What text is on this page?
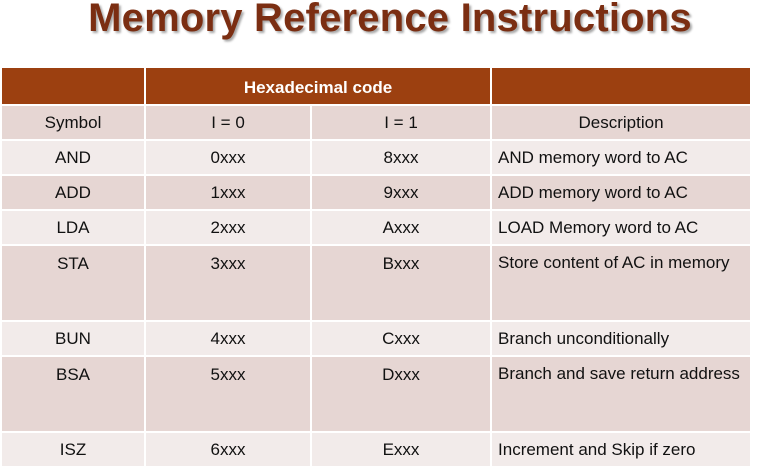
Memory Reference Instructions
	Hexadecimal code		
Symbol	I = 0	I = 1	Description
AND	0xxx	8xxx	AND memory word to AC
ADD	1xxx	9xxx	ADD memory word to AC
LDA	2xxx	Axxx	LOAD Memory word to AC
STA	3xxx	Bxxx	Store content of AC in memory
BUN	4xxx	Cxxx	Branch unconditionally
BSA	5xxx	Dxxx	Branch and save return address
ISZ	6xxx	Exxx	Increment and Skip if zero
